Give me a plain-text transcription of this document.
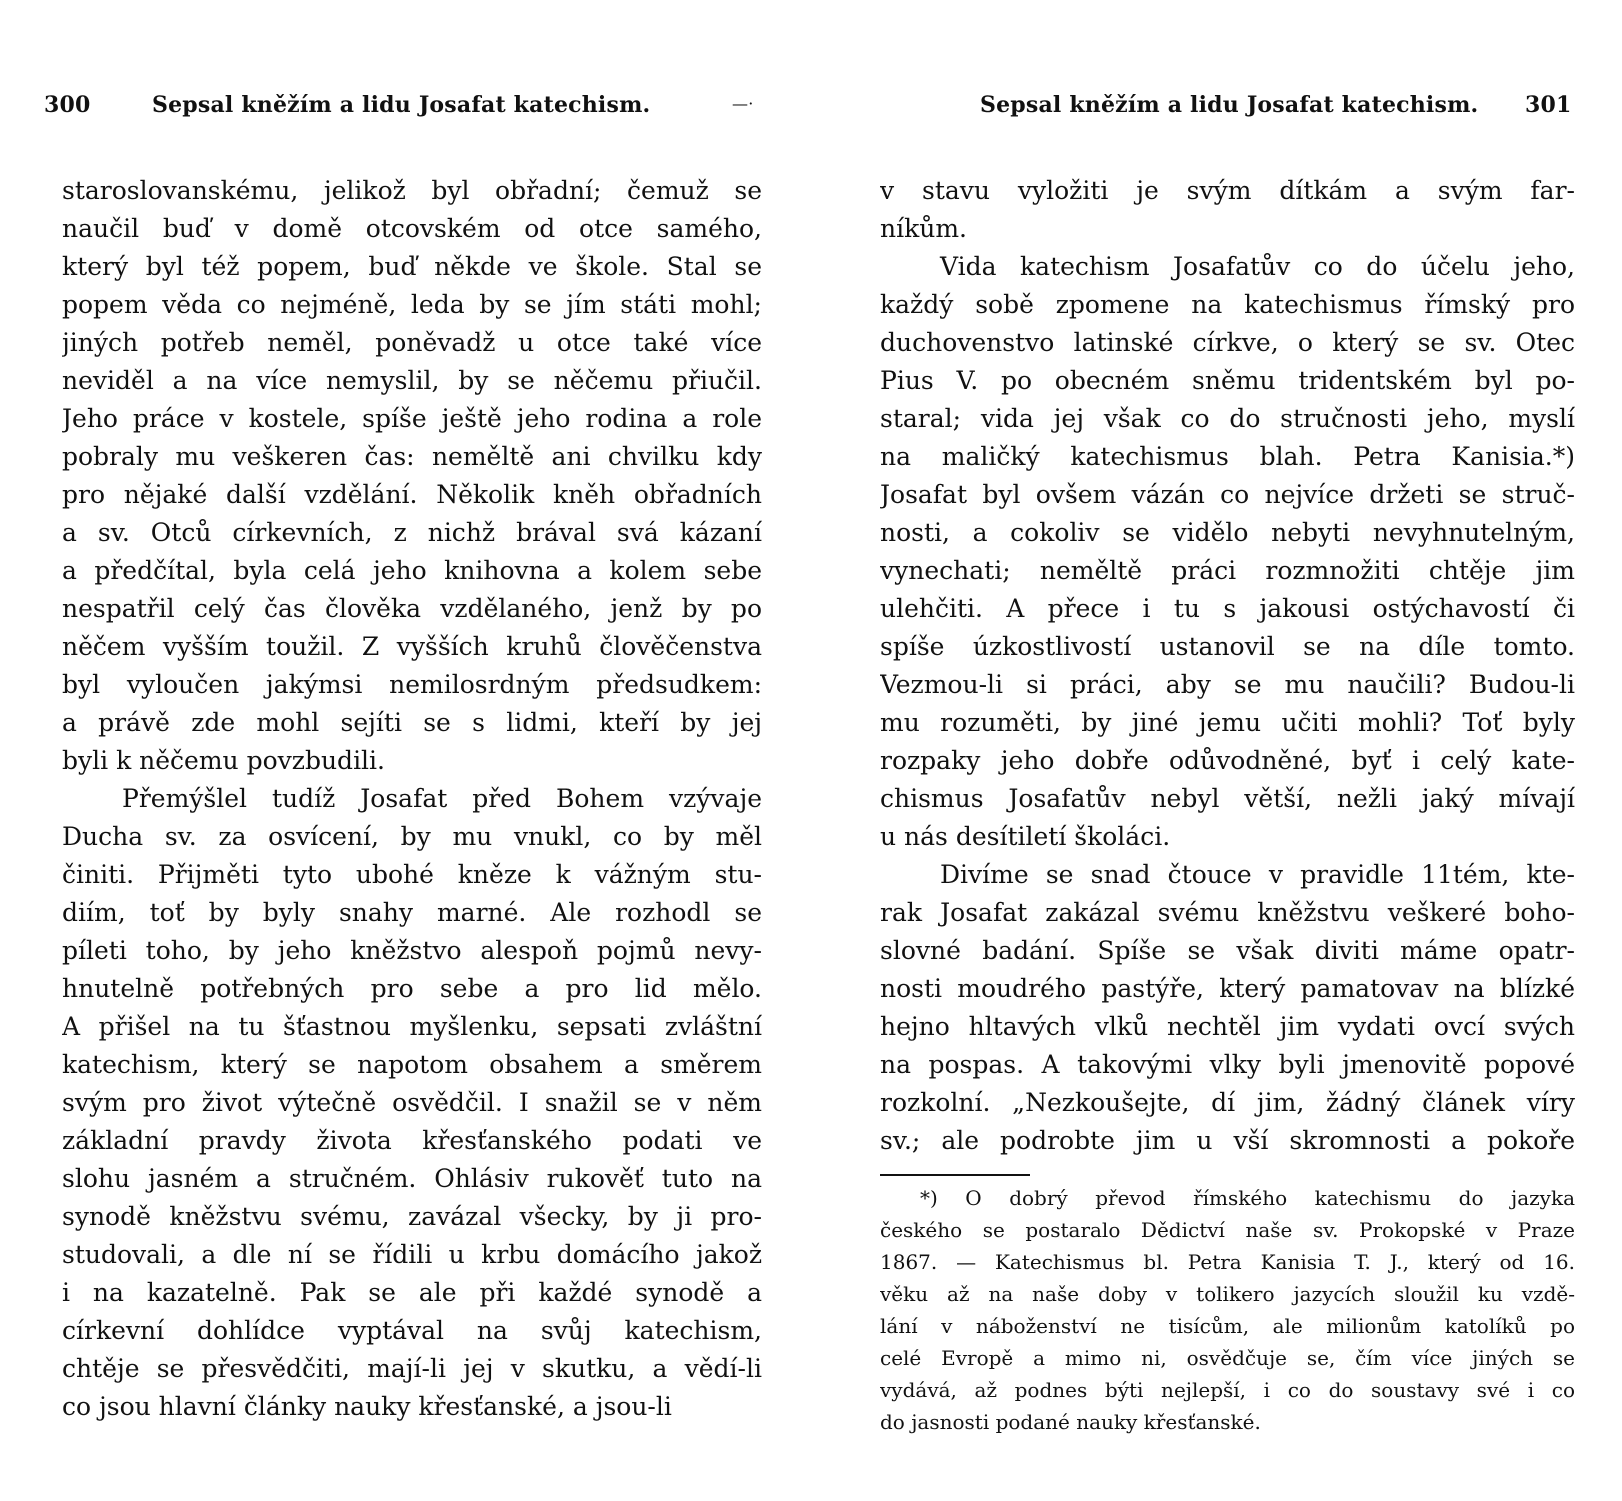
300	Sepsal kněžím a lidu Josafat katechism.	—·
staroslovanskému, jelikož byl obřadní; čemuž se
naučil buď v domě otcovském od otce samého,
který byl též popem, buď někde ve škole. Stal se
popem věda co nejméně, leda by se jím státi mohl;
jiných potřeb neměl, poněvadž u otce také více
neviděl a na více nemyslil, by se něčemu přiučil.
Jeho práce v kostele, spíše ještě jeho rodina a role
pobraly mu veškeren čas: neměltě ani chvilku kdy
pro nějaké další vzdělání. Několik kněh obřadních
a sv. Otců církevních, z nichž brával svá kázaní
a předčítal, byla celá jeho knihovna a kolem sebe
nespatřil celý čas člověka vzdělaného, jenž by po
něčem vyšším toužil. Z vyšších kruhů člověčenstva
byl vyloučen jakýmsi nemilosrdným předsudkem:
a právě zde mohl sejíti se s lidmi, kteří by jej
byli k něčemu povzbudili.
Přemýšlel tudíž Josafat před Bohem vzývaje
Ducha sv. za osvícení, by mu vnukl, co by měl
činiti. Přijměti tyto ubohé kněze k vážným stu-
diím, toť by byly snahy marné. Ale rozhodl se
píleti toho, by jeho kněžstvo alespoň pojmů nevy-
hnutelně potřebných pro sebe a pro lid mělo.
A přišel na tu šťastnou myšlenku, sepsati zvláštní
katechism, který se napotom obsahem a směrem
svým pro život výtečně osvědčil. I snažil se v něm
základní pravdy života křesťanského podati ve
slohu jasném a stručném. Ohlásiv rukověť tuto na
synodě kněžstvu svému, zavázal všecky, by ji pro-
studovali, a dle ní se řídili u krbu domácího jakož
i na kazatelně. Pak se ale při každé synodě a
církevní dohlídce vyptával na svůj katechism,
chtěje se přesvědčiti, mají-li jej v skutku, a vědí-li
co jsou hlavní články nauky křesťanské, a jsou-li
Sepsal kněžím a lidu Josafat katechism. 301
v stavu vyložiti je svým dítkám a svým far-
níkům.
Vida katechism Josafatův co do účelu jeho,
každý sobě zpomene na katechismus římský pro
duchovenstvo latinské církve, o který se sv. Otec
Pius V. po obecném sněmu tridentském byl po-
staral; vida jej však co do stručnosti jeho, myslí
na maličký katechismus blah. Petra Kanisia.*)
Josafat byl ovšem vázán co nejvíce držeti se struč-
nosti, a cokoliv se vidělo nebyti nevyhnutelným,
vynechati; neměltě práci rozmnožiti chtěje jim
ulehčiti. A přece i tu s jakousi ostýchavostí či
spíše úzkostlivostí ustanovil se na díle tomto.
Vezmou-li si práci, aby se mu naučili? Budou-li
mu rozuměti, by jiné jemu učiti mohli? Toť byly
rozpaky jeho dobře odůvodněné, byť i celý kate-
chismus Josafatův nebyl větší, nežli jaký mívají
u nás desítiletí školáci.
Divíme se snad čtouce v pravidle 11tém, kte-
rak Josafat zakázal svému kněžstvu veškeré boho-
slovné badání. Spíše se však diviti máme opatr-
nosti moudrého pastýře, který pamatovav na blízké
hejno hltavých vlků nechtěl jim vydati ovcí svých
na pospas. A takovými vlky byli jmenovitě popové
rozkolní. „Nezkoušejte, dí jim, žádný článek víry
sv.; ale podrobte jim u vší skromnosti a pokoře
*) O dobrý převod římského katechismu do jazyka
českého se postaralo Dědictví naše sv. Prokopské v Praze
1867. — Katechismus bl. Petra Kanisia T. J., který od 16.
věku až na naše doby v tolikero jazycích sloužil ku vzdě-
lání v náboženství ne tisícům, ale milionům katolíků po
celé Evropě a mimo ni, osvědčuje se, čím více jiných se
vydává, až podnes býti nejlepší, i co do soustavy své i co
do jasnosti podané nauky křesťanské.
